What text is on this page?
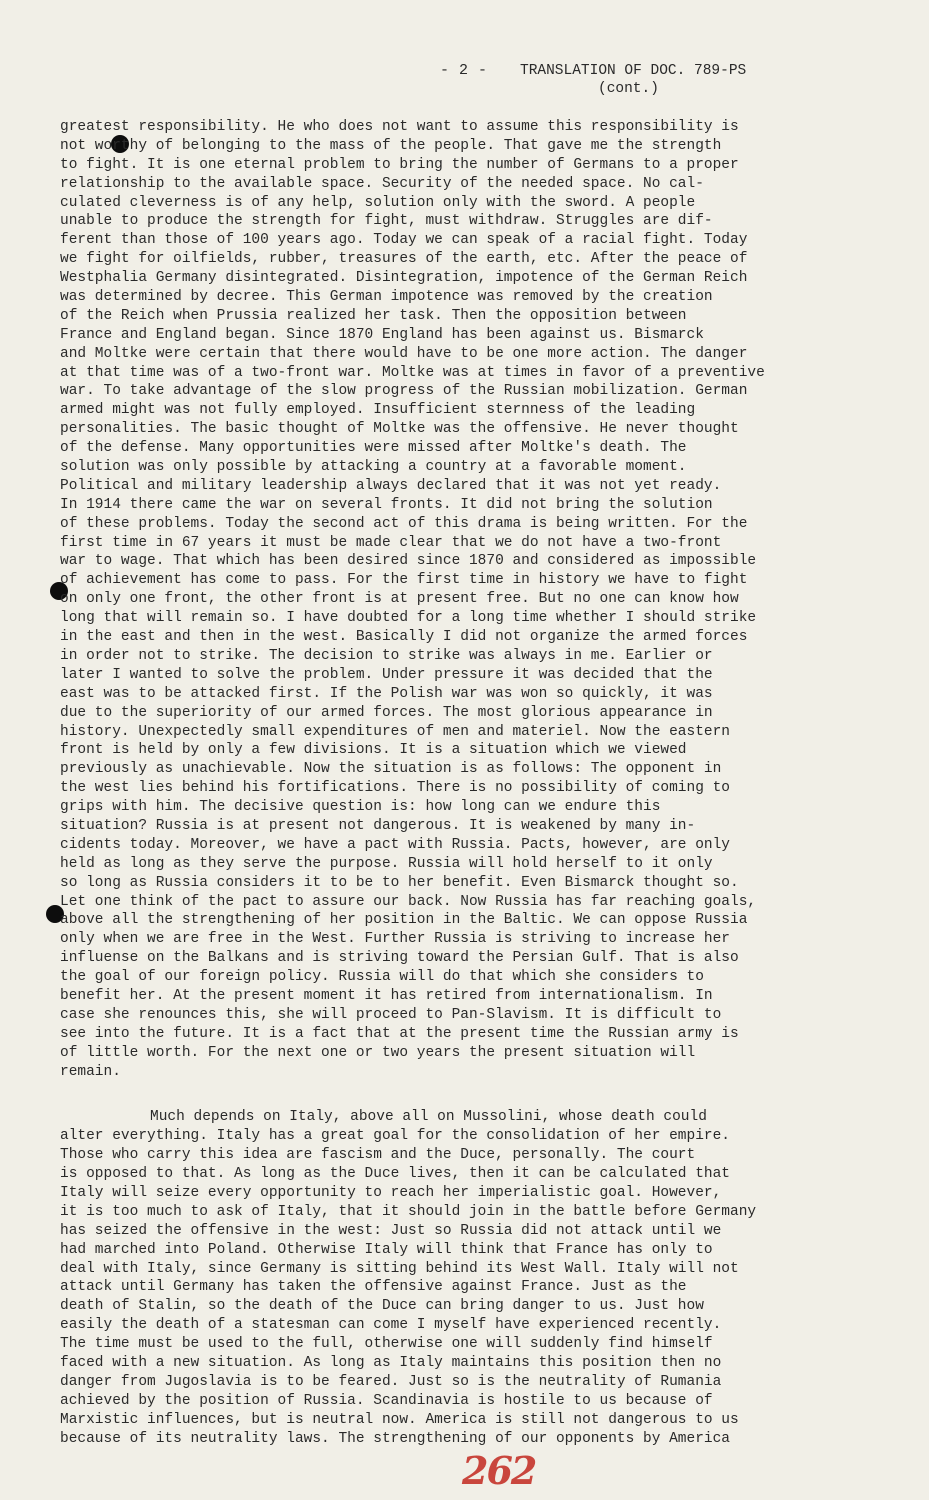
- 2 - TRANSLATION OF DOC. 789-PS
(cont.)
greatest responsibility. He who does not want to assume this responsibility is
not worthy of belonging to the mass of the people. That gave me the strength
to fight. It is one eternal problem to bring the number of Germans to a proper
relationship to the available space. Security of the needed space. No cal-
culated cleverness is of any help, solution only with the sword. A people
unable to produce the strength for fight, must withdraw. Struggles are dif-
ferent than those of 100 years ago. Today we can speak of a racial fight. Today
we fight for oilfields, rubber, treasures of the earth, etc. After the peace of
Westphalia Germany disintegrated. Disintegration, impotence of the German Reich
was determined by decree. This German impotence was removed by the creation
of the Reich when Prussia realized her task. Then the opposition between
France and England began. Since 1870 England has been against us. Bismarck
and Moltke were certain that there would have to be one more action. The danger
at that time was of a two-front war. Moltke was at times in favor of a preventive
war. To take advantage of the slow progress of the Russian mobilization. German
armed might was not fully employed. Insufficient sternness of the leading
personalities. The basic thought of Moltke was the offensive. He never thought
of the defense. Many opportunities were missed after Moltke's death. The
solution was only possible by attacking a country at a favorable moment.
Political and military leadership always declared that it was not yet ready.
In 1914 there came the war on several fronts. It did not bring the solution
of these problems. Today the second act of this drama is being written. For the
first time in 67 years it must be made clear that we do not have a two-front
war to wage. That which has been desired since 1870 and considered as impossible
of achievement has come to pass. For the first time in history we have to fight
on only one front, the other front is at present free. But no one can know how
long that will remain so. I have doubted for a long time whether I should strike
in the east and then in the west. Basically I did not organize the armed forces
in order not to strike. The decision to strike was always in me. Earlier or
later I wanted to solve the problem. Under pressure it was decided that the
east was to be attacked first. If the Polish war was won so quickly, it was
due to the superiority of our armed forces. The most glorious appearance in
history. Unexpectedly small expenditures of men and materiel. Now the eastern
front is held by only a few divisions. It is a situation which we viewed
previously as unachievable. Now the situation is as follows: The opponent in
the west lies behind his fortifications. There is no possibility of coming to
grips with him. The decisive question is: how long can we endure this
situation? Russia is at present not dangerous. It is weakened by many in-
cidents today. Moreover, we have a pact with Russia. Pacts, however, are only
held as long as they serve the purpose. Russia will hold herself to it only
so long as Russia considers it to be to her benefit. Even Bismarck thought so.
Let one think of the pact to assure our back. Now Russia has far reaching goals,
above all the strengthening of her position in the Baltic. We can oppose Russia
only when we are free in the West. Further Russia is striving to increase her
influense on the Balkans and is striving toward the Persian Gulf. That is also
the goal of our foreign policy. Russia will do that which she considers to
benefit her. At the present moment it has retired from internationalism. In
case she renounces this, she will proceed to Pan-Slavism. It is difficult to
see into the future. It is a fact that at the present time the Russian army is
of little worth. For the next one or two years the present situation will
remain.
Much depends on Italy, above all on Mussolini, whose death could
alter everything. Italy has a great goal for the consolidation of her empire.
Those who carry this idea are fascism and the Duce, personally. The court
is opposed to that. As long as the Duce lives, then it can be calculated that
Italy will seize every opportunity to reach her imperialistic goal. However,
it is too much to ask of Italy, that it should join in the battle before Germany
has seized the offensive in the west: Just so Russia did not attack until we
had marched into Poland. Otherwise Italy will think that France has only to
deal with Italy, since Germany is sitting behind its West Wall. Italy will not
attack until Germany has taken the offensive against France. Just as the
death of Stalin, so the death of the Duce can bring danger to us. Just how
easily the death of a statesman can come I myself have experienced recently.
The time must be used to the full, otherwise one will suddenly find himself
faced with a new situation. As long as Italy maintains this position then no
danger from Jugoslavia is to be feared. Just so is the neutrality of Rumania
achieved by the position of Russia. Scandinavia is hostile to us because of
Marxistic influences, but is neutral now. America is still not dangerous to us
because of its neutrality laws. The strengthening of our opponents by America
262
